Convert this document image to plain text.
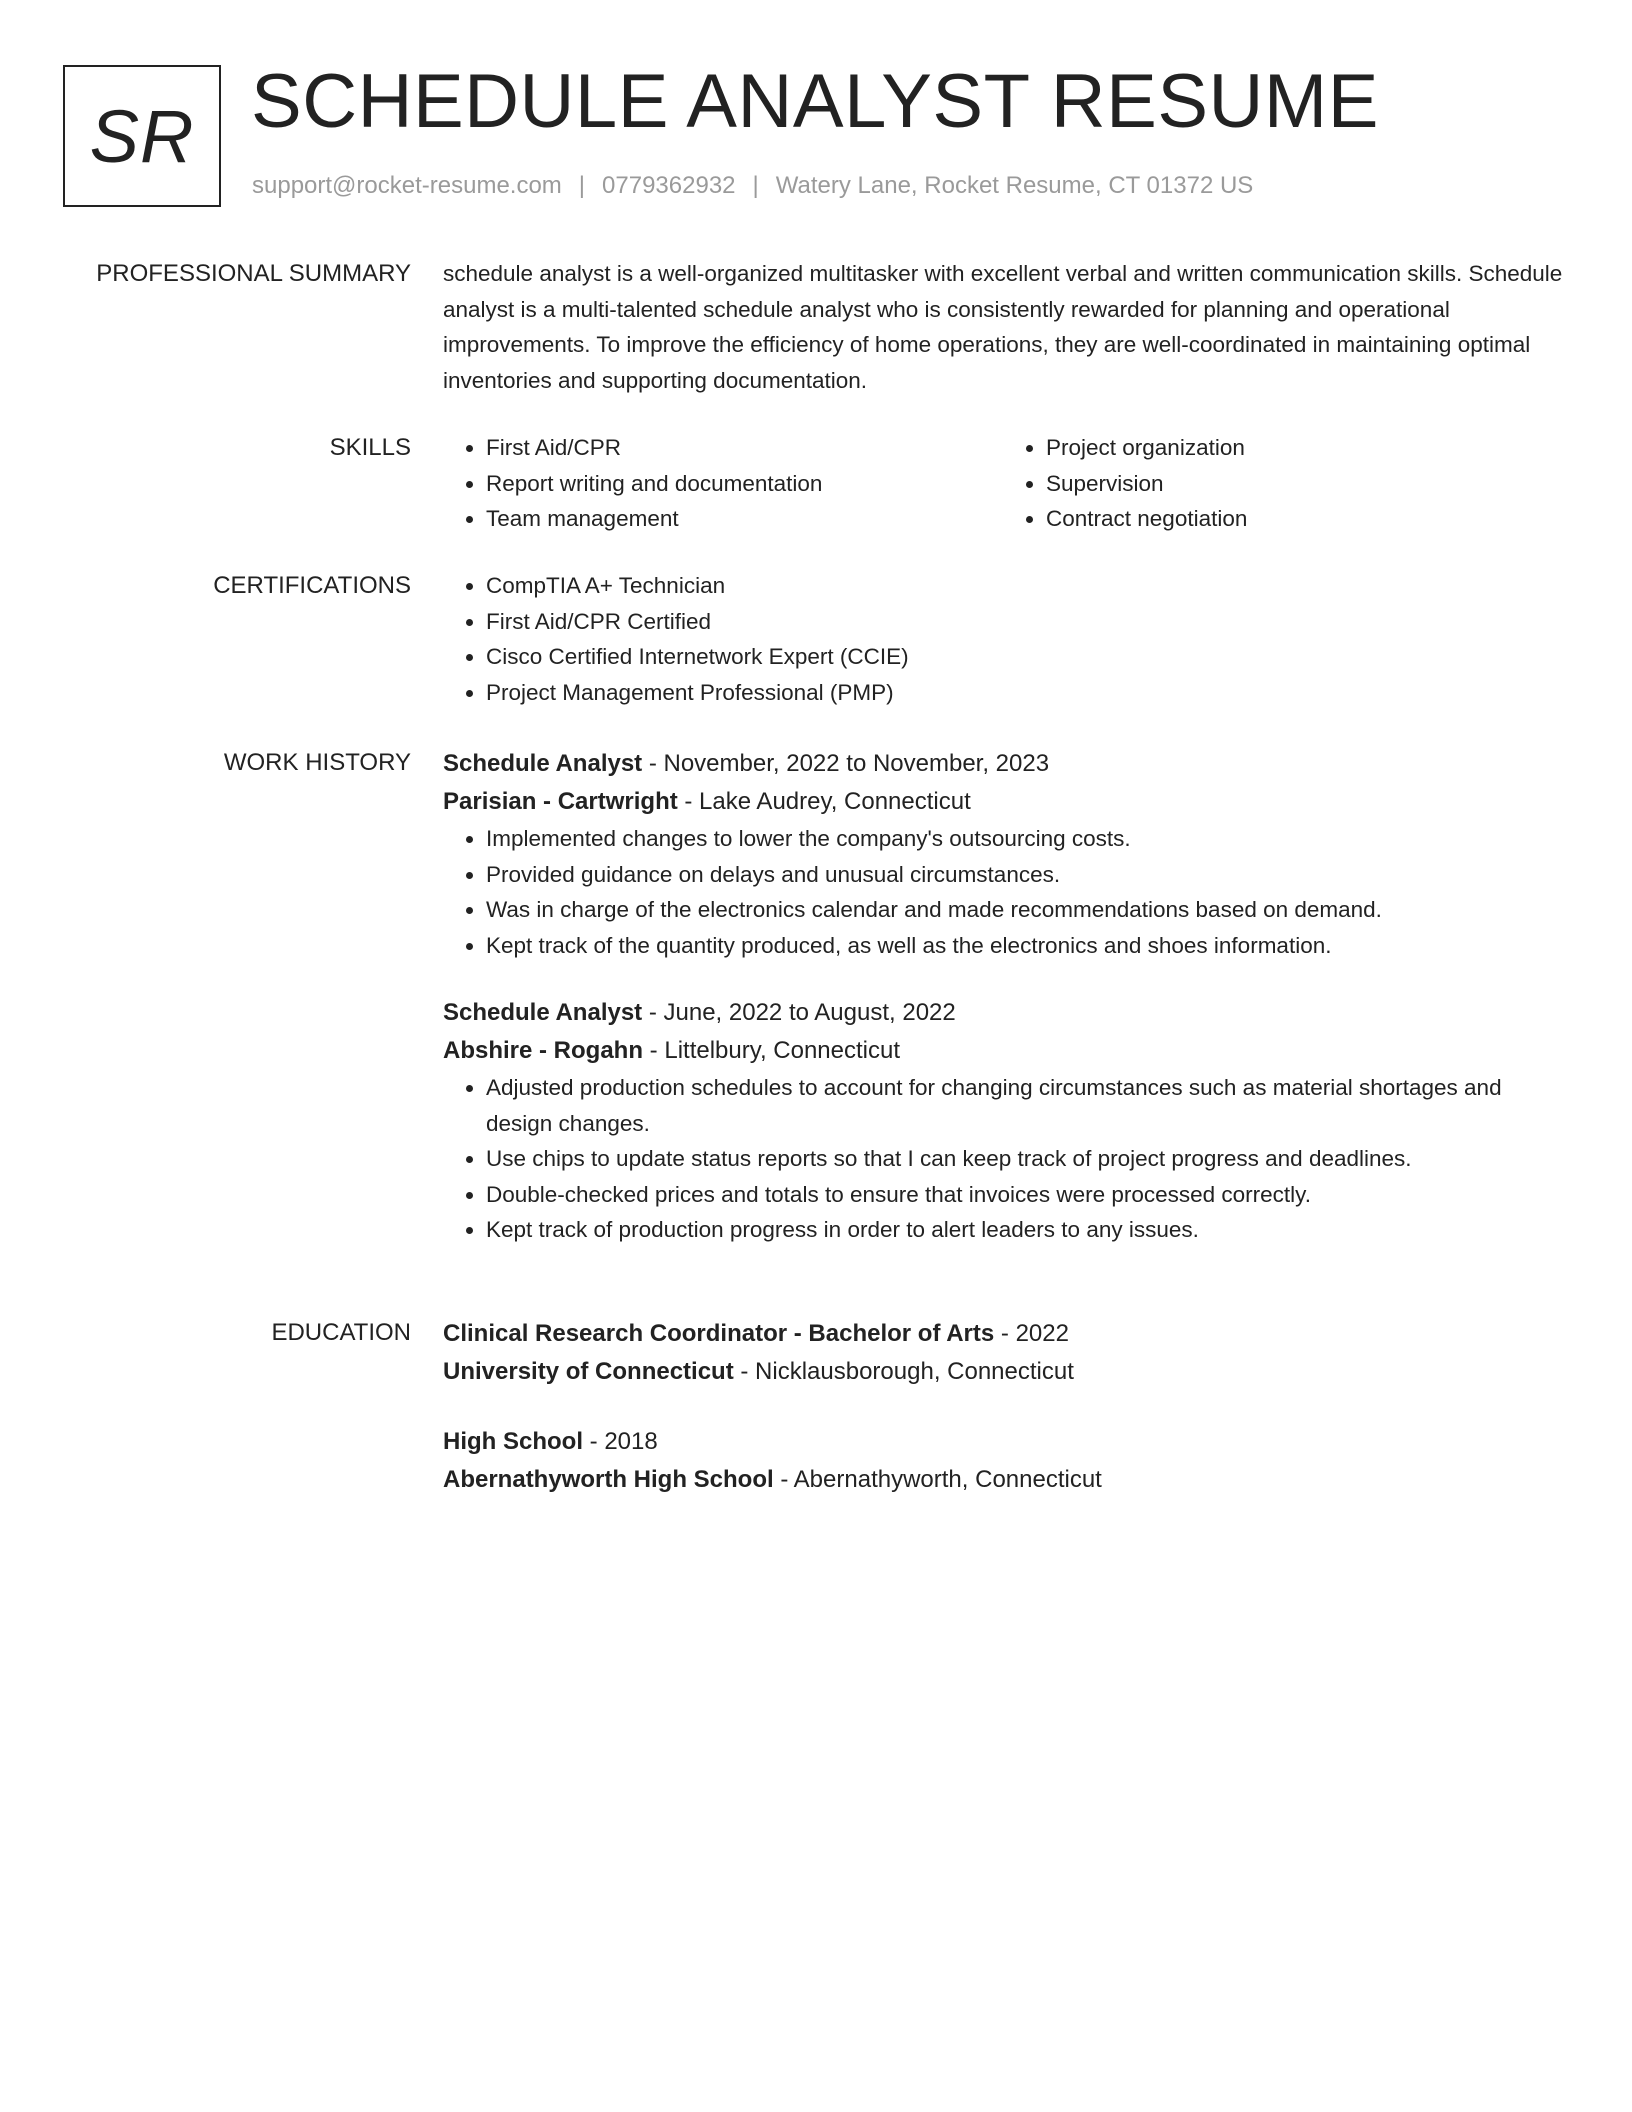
SR SCHEDULE ANALYST RESUME
support@rocket-resume.com | 0779362932 | Watery Lane, Rocket Resume, CT 01372 US
PROFESSIONAL SUMMARY schedule analyst is a well-organized multitasker with excellent verbal and written communication skills. Schedule analyst is a multi-talented schedule analyst who is consistently rewarded for planning and operational improvements. To improve the efficiency of home operations, they are well-coordinated in maintaining optimal inventories and supporting documentation.

SKILLS	• First Aid/CPR
• Report writing and documentation
• Team management
• Project organization
• Supervision
• Contract negotiation
CERTIFICATIONS	• CompTIA A+ Technician
• First Aid/CPR Certified
• Cisco Certified Internetwork Expert (CCIE)
• Project Management Professional (PMP)
WORK HISTORY Schedule Analyst - November, 2022 to November, 2023
Parisian - Cartwright - Lake Audrey, Connecticut
• Implemented changes to lower the company's outsourcing costs.
• Provided guidance on delays and unusual circumstances.
• Was in charge of the electronics calendar and made recommendations based on demand.
• Kept track of the quantity produced, as well as the electronics and shoes information.
Schedule Analyst - June, 2022 to August, 2022
Abshire - Rogahn - Littelbury, Connecticut
• Adjusted production schedules to account for changing circumstances such as material shortages and design changes.
• Use chips to update status reports so that I can keep track of project progress and deadlines.
• Double-checked prices and totals to ensure that invoices were processed correctly.
• Kept track of production progress in order to alert leaders to any issues.
EDUCATION Clinical Research Coordinator - Bachelor of Arts - 2022
University of Connecticut - Nicklausborough, Connecticut
High School - 2018
Abernathyworth High School - Abernathyworth, Connecticut
